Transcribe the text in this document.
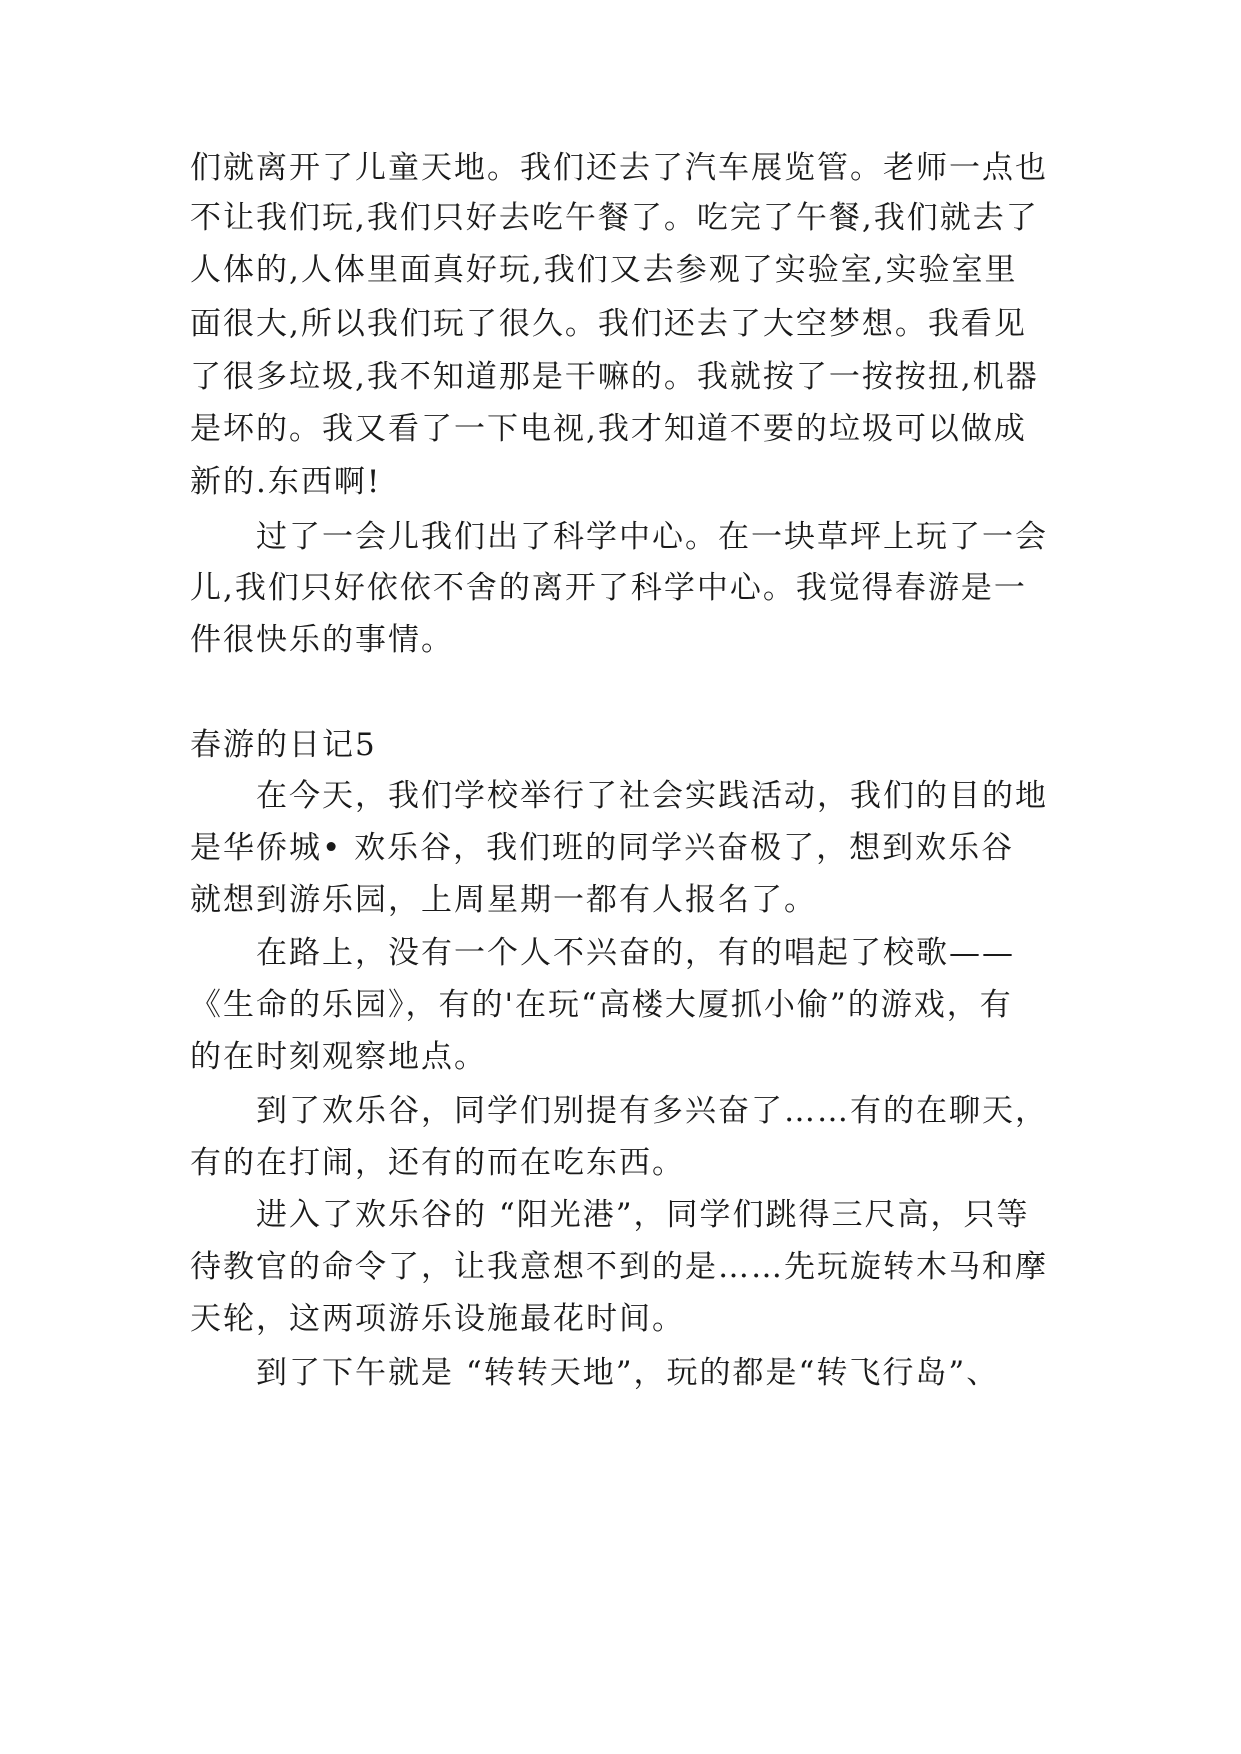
们就离开了儿童天地。我们还去了汽车展览管。老师一点也
不让我们玩,我们只好去吃午餐了。吃完了午餐,我们就去了
人体的,人体里面真好玩,我们又去参观了实验室,实验室里
面很大,所以我们玩了很久。我们还去了大空梦想。我看见
了很多垃圾,我不知道那是干嘛的。我就按了一按按扭,机器
是坏的。我又看了一下电视,我才知道不要的垃圾可以做成
新的.东西啊!
过了一会儿我们出了科学中心。在一块草坪上玩了一会
儿,我们只好依依不舍的离开了科学中心。我觉得春游是一
件很快乐的事情。
春游的日记5
在今天，我们学校举行了社会实践活动，我们的目的地
是华侨城• 欢乐谷，我们班的同学兴奋极了，想到欢乐谷
就想到游乐园，上周星期一都有人报名了。
在路上，没有一个人不兴奋的，有的唱起了校歌——
《生命的乐园》，有的'在玩“高楼大厦抓小偷”的游戏，有
的在时刻观察地点。
到了欢乐谷，同学们别提有多兴奋了……有的在聊天，
有的在打闹，还有的而在吃东西。
进入了欢乐谷的 “阳光港”，同学们跳得三尺高，只等
待教官的命令了，让我意想不到的是……先玩旋转木马和摩
天轮，这两项游乐设施最花时间。
到了下午就是 “转转天地”，玩的都是“转飞行岛”、
